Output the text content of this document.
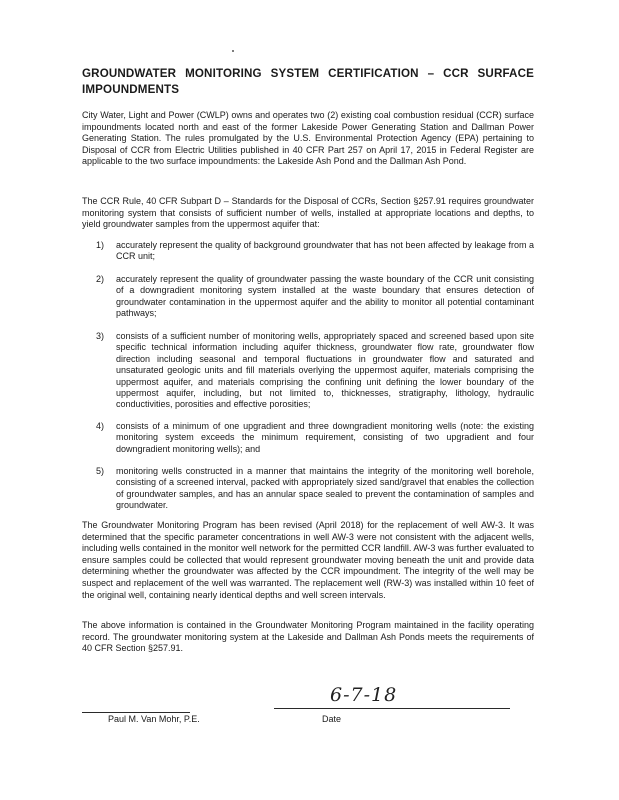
GROUNDWATER MONITORING SYSTEM CERTIFICATION – CCR SURFACE IMPOUNDMENTS
City Water, Light and Power (CWLP) owns and operates two (2) existing coal combustion residual (CCR) surface impoundments located north and east of the former Lakeside Power Generating Station and Dallman Power Generating Station. The rules promulgated by the U.S. Environmental Protection Agency (EPA) pertaining to Disposal of CCR from Electric Utilities published in 40 CFR Part 257 on April 17, 2015 in Federal Register are applicable to the two surface impoundments: the Lakeside Ash Pond and the Dallman Ash Pond.
The CCR Rule, 40 CFR Subpart D – Standards for the Disposal of CCRs, Section §257.91 requires groundwater monitoring system that consists of sufficient number of wells, installed at appropriate locations and depths, to yield groundwater samples from the uppermost aquifer that:
1)	accurately represent the quality of background groundwater that has not been affected by leakage from a CCR unit;
2)	accurately represent the quality of groundwater passing the waste boundary of the CCR unit consisting of a downgradient monitoring system installed at the waste boundary that ensures detection of groundwater contamination in the uppermost aquifer and the ability to monitor all potential contaminant pathways;
3)	consists of a sufficient number of monitoring wells, appropriately spaced and screened based upon site specific technical information including aquifer thickness, groundwater flow rate, groundwater flow direction including seasonal and temporal fluctuations in groundwater flow and saturated and unsaturated geologic units and fill materials overlying the uppermost aquifer, materials comprising the uppermost aquifer, and materials comprising the confining unit defining the lower boundary of the uppermost aquifer, including, but not limited to, thicknesses, stratigraphy, lithology, hydraulic conductivities, porosities and effective porosities;
4)	consists of a minimum of one upgradient and three downgradient monitoring wells (note: the existing monitoring system exceeds the minimum requirement, consisting of two upgradient and four downgradient monitoring wells); and
5)	monitoring wells constructed in a manner that maintains the integrity of the monitoring well borehole, consisting of a screened interval, packed with appropriately sized sand/gravel that enables the collection of groundwater samples, and has an annular space sealed to prevent the contamination of samples and groundwater.
The Groundwater Monitoring Program has been revised (April 2018) for the replacement of well AW-3. It was determined that the specific parameter concentrations in well AW-3 were not consistent with the adjacent wells, including wells contained in the monitor well network for the permitted CCR landfill. AW-3 was further evaluated to ensure samples could be collected that would represent groundwater moving beneath the unit and provide data determining whether the groundwater was affected by the CCR impoundment. The integrity of the well may be suspect and replacement of the well was warranted. The replacement well (RW-3) was installed within 10 feet of the original well, containing nearly identical depths and well screen intervals.
The above information is contained in the Groundwater Monitoring Program maintained in the facility operating record. The groundwater monitoring system at the Lakeside and Dallman Ash Ponds meets the requirements of 40 CFR Section §257.91.
6-7-18
Paul M. Van Mohr, P.E.	Date
